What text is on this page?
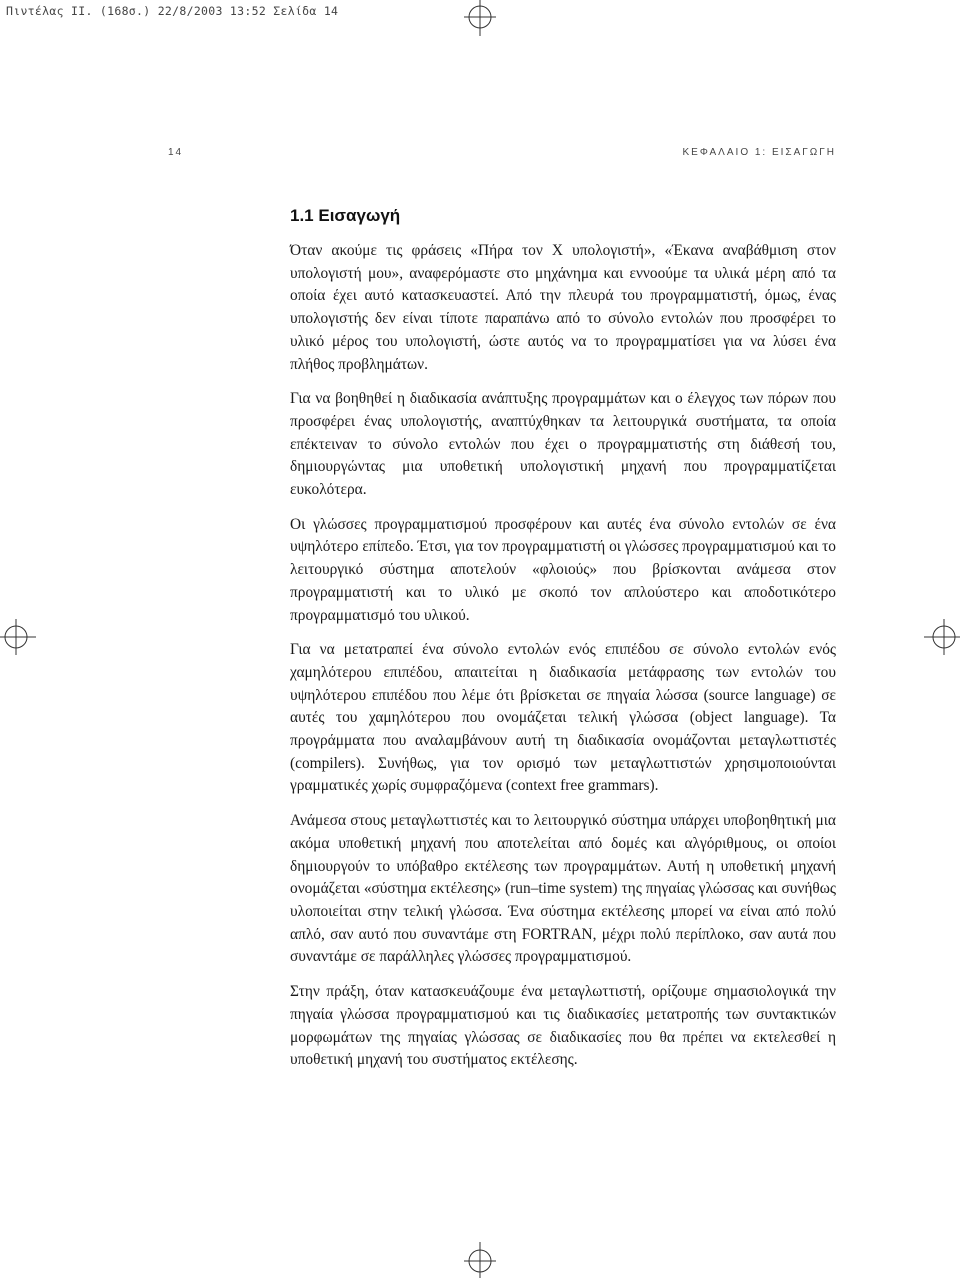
Πιντέλας ΙΙ. (168σ.) 22/8/2003 13:52 Σελίδα 14
14	ΚΕΦΑΛΑΙΟ 1: ΕΙΣΑΓΩΓΗ
1.1 Εισαγωγή

Όταν ακούμε τις φράσεις «Πήρα τον Χ υπολογιστή», «Έκανα αναβάθμιση στον υπολογιστή μου», αναφερόμαστε στο μηχάνημα και εννοούμε τα υλικά μέρη από τα οποία έχει αυτό κατασκευαστεί. Από την πλευρά του προγραμματιστή, όμως, ένας υπολογιστής δεν είναι τίποτε παραπάνω από το σύνολο εντολών που προσφέρει το υλικό μέρος του υπολογιστή, ώστε αυτός να το προγραμματίσει για να λύσει ένα πλήθος προβλημάτων.

Για να βοηθηθεί η διαδικασία ανάπτυξης προγραμμάτων και ο έλεγχος των πόρων που προσφέρει ένας υπολογιστής, αναπτύχθηκαν τα λειτουργικά συστήματα, τα οποία επέκτειναν το σύνολο εντολών που έχει ο προγραμματιστής στη διάθεσή του, δημιουργώντας μια υποθετική υπολογιστική μηχανή που προγραμματίζεται ευκολότερα.

Οι γλώσσες προγραμματισμού προσφέρουν και αυτές ένα σύνολο εντολών σε ένα υψηλότερο επίπεδο. Έτσι, για τον προγραμματιστή οι γλώσσες προγραμματισμού και το λειτουργικό σύστημα αποτελούν «φλοιούς» που βρίσκονται ανάμεσα στον προγραμματιστή και το υλικό με σκοπό τον απλούστερο και αποδοτικότερο προγραμματισμό του υλικού.

Για να μετατραπεί ένα σύνολο εντολών ενός επιπέδου σε σύνολο εντολών ενός χαμηλότερου επιπέδου, απαιτείται η διαδικασία μετάφρασης των εντολών του υψηλότερου επιπέδου που λέμε ότι βρίσκεται σε πηγαία λώσσα (source language) σε αυτές του χαμηλότερου που ονομάζεται τελική γλώσσα (object language). Τα προγράμματα που αναλαμβάνουν αυτή τη διαδικασία ονομάζονται μεταγλωττιστές (compilers). Συνήθως, για τον ορισμό των μεταγλωττιστών χρησιμοποιούνται γραμματικές χωρίς συμφραζόμενα (context free grammars).

Ανάμεσα στους μεταγλωττιστές και το λειτουργικό σύστημα υπάρχει υποβοηθητική μια ακόμα υποθετική μηχανή που αποτελείται από δομές και αλγόριθμους, οι οποίοι δημιουργούν το υπόβαθρο εκτέλεσης των προγραμμάτων. Αυτή η υποθετική μηχανή ονομάζεται «σύστημα εκτέλεσης» (run–time system) της πηγαίας γλώσσας και συνήθως υλοποιείται στην τελική γλώσσα. Ένα σύστημα εκτέλεσης μπορεί να είναι από πολύ απλό, σαν αυτό που συναντάμε στη FORTRAN, μέχρι πολύ περίπλοκο, σαν αυτά που συναντάμε σε παράλληλες γλώσσες προγραμματισμού.

Στην πράξη, όταν κατασκευάζουμε ένα μεταγλωττιστή, ορίζουμε σημασιολογικά την πηγαία γλώσσα προγραμματισμού και τις διαδικασίες μετατροπής των συντακτικών μορφωμάτων της πηγαίας γλώσσας σε διαδικασίες που θα πρέπει να εκτελεσθεί η υποθετική μηχανή του συστήματος εκτέλεσης.
